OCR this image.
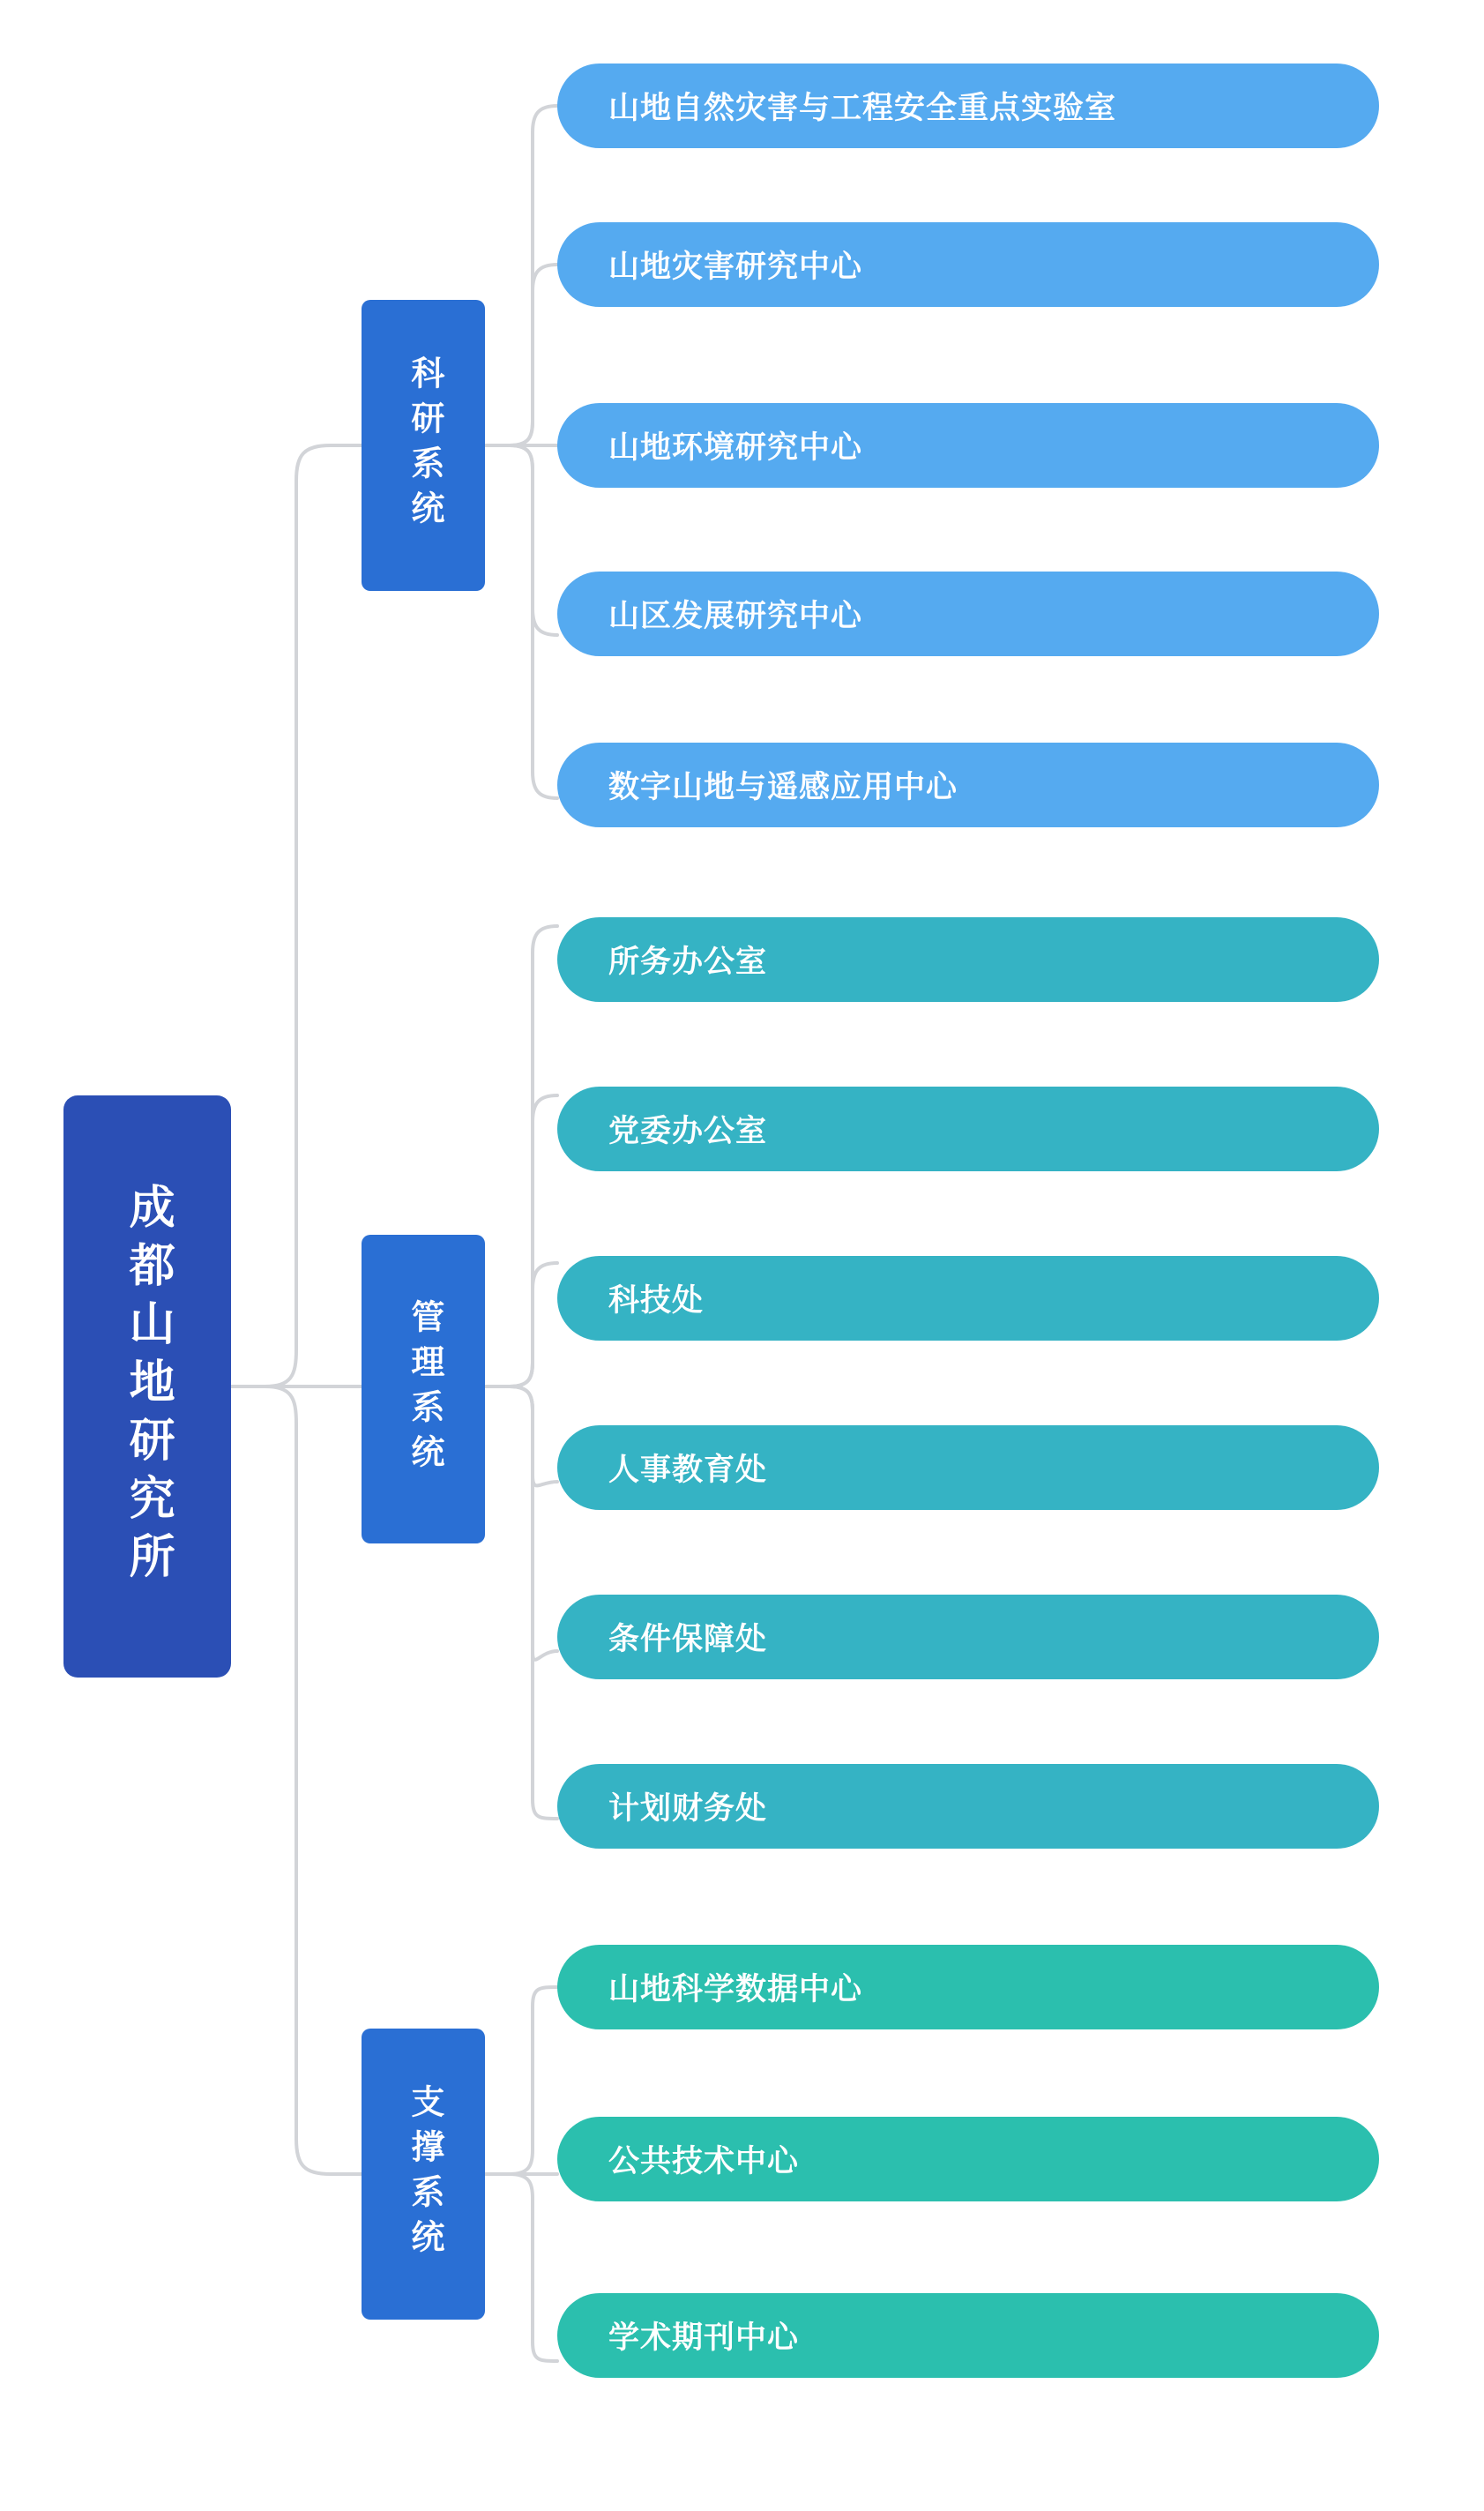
成都山地研究所
科研系统
管理系统
支撑系统
山地自然灾害与工程安全重点实验室
山地灾害研究中心
山地环境研究中心
山区发展研究中心
数字山地与遥感应用中心
所务办公室
党委办公室
科技处
人事教育处
条件保障处
计划财务处
山地科学数据中心
公共技术中心
学术期刊中心
